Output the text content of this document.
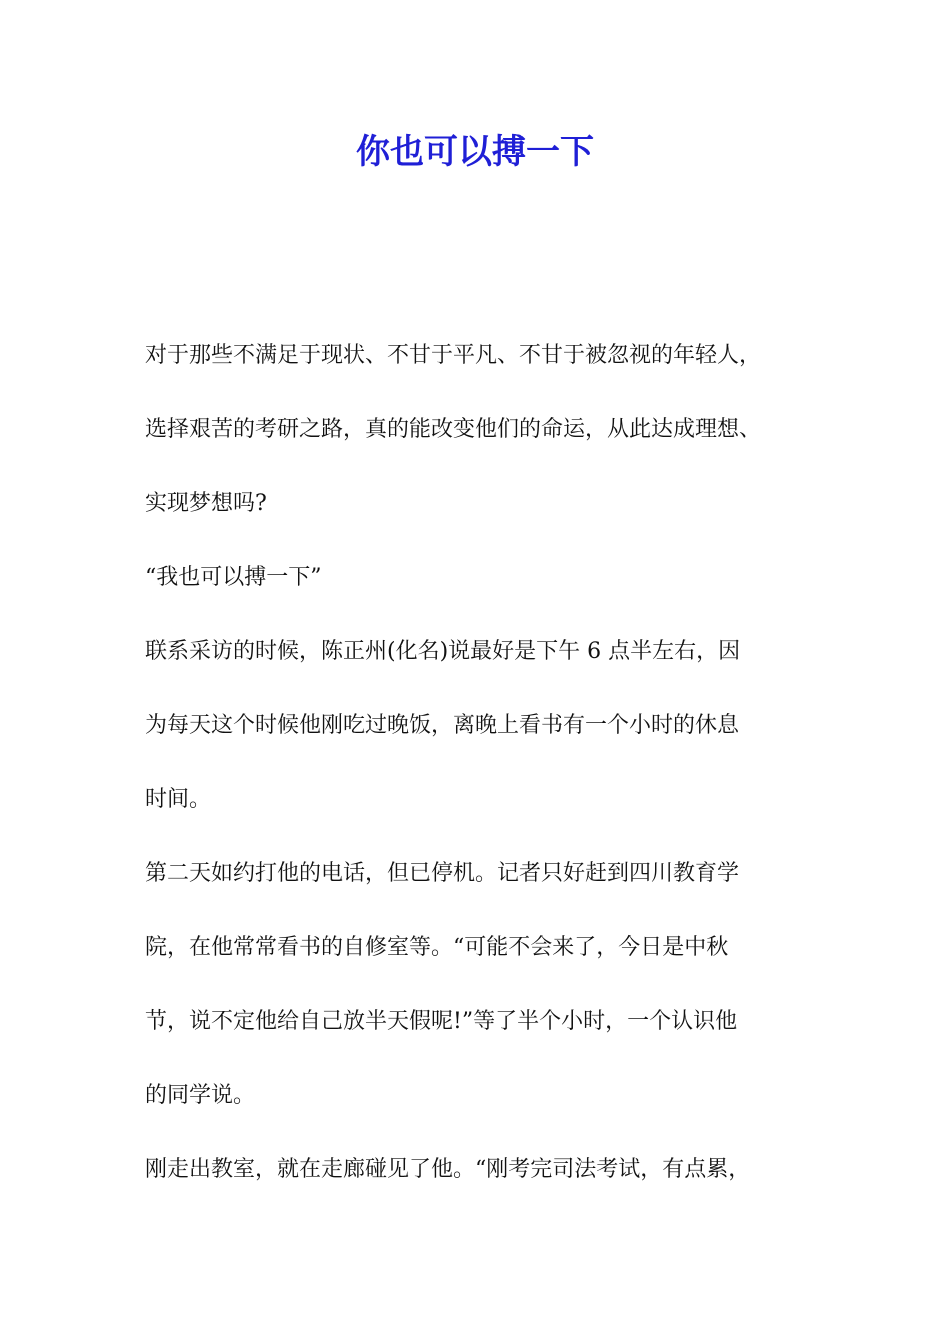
你也可以搏一下
对于那些不满足于现状、不甘于平凡、不甘于被忽视的年轻人，
选择艰苦的考研之路，真的能改变他们的命运，从此达成理想、
实现梦想吗?
“我也可以搏一下”
联系采访的时候，陈正州(化名)说最好是下午 6 点半左右，因
为每天这个时候他刚吃过晚饭，离晚上看书有一个小时的休息
时间。
第二天如约打他的电话，但已停机。记者只好赶到四川教育学
院，在他常常看书的自修室等。“可能不会来了，今日是中秋
节，说不定他给自己放半天假呢!”等了半个小时，一个认识他
的同学说。
刚走出教室，就在走廊碰见了他。“刚考完司法考试，有点累，
